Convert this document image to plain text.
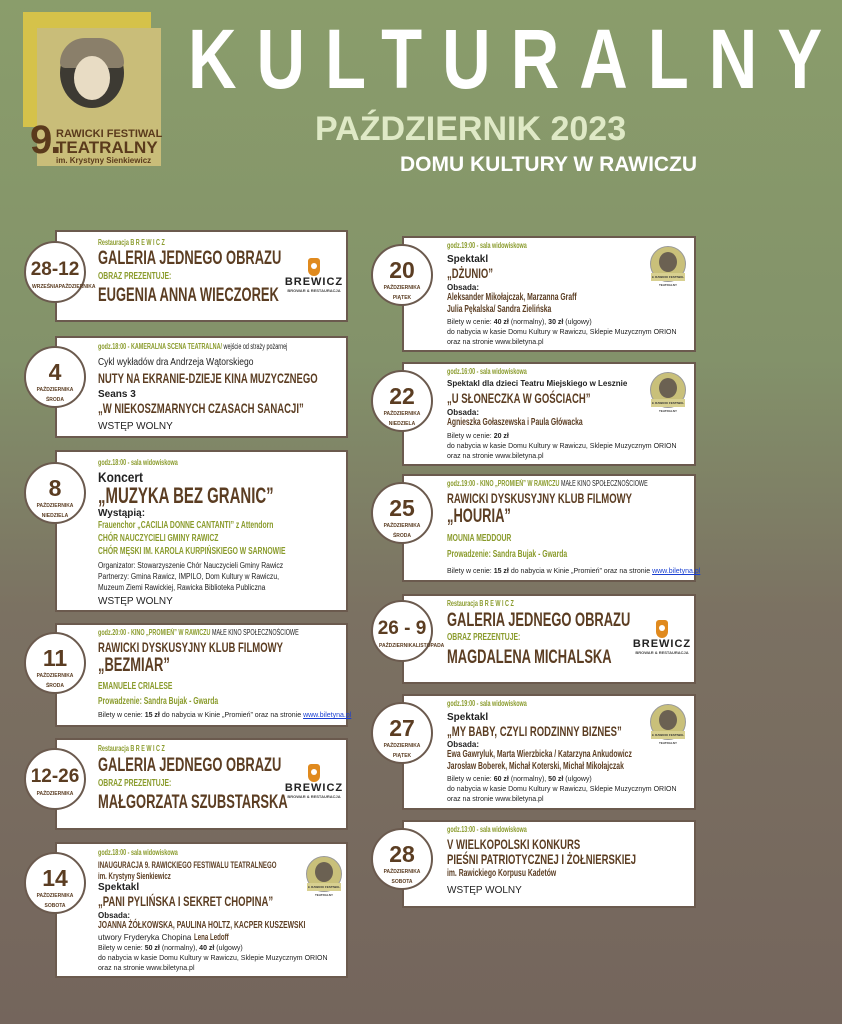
9.
RAWICKI FESTIWAL
TEATRALNY
im. Krystyny Sienkiewicz
KULTURALNY
PAŹDZIERNIK 2023
DOMU KULTURY W RAWICZU
28-12
WRZEŚNIA PAŹDZIERNIKA
Restauracja B R E W I C Z
GALERIA JEDNEGO OBRAZU
OBRAZ PREZENTUJE:
EUGENIA ANNA WIECZOREK
BREWICZ
BROWAR & RESTAURACJA
4
PAŹDZIERNIKA
ŚRODA
godz.18:00 - KAMERALNA SCENA TEATRALNA/ wejście od straży pożarnej
Cykl wykładów dra Andrzeja Wątorskiego
NUTY NA EKRANIE-DZIEJE KINA MUZYCZNEGO
Seans 3
„W NIEKOSZMARNYCH CZASACH SANACJI”
WSTĘP WOLNY
8
PAŹDZIERNIKA
NIEDZIELA
godz.18:00 - sala widowiskowa
Koncert
„MUZYKA BEZ GRANIC”
Wystąpią:
Frauenchor „CACILIA DONNE CANTANTI” z Attendorn
CHÓR NAUCZYCIELI GMINY RAWICZ
CHÓR MĘSKI IM. KAROLA KURPIŃSKIEGO W SARNOWIE
Organizator: Stowarzyszenie Chór Nauczycieli Gminy Rawicz
Partnerzy: Gmina Rawicz, IMPILO, Dom Kultury w Rawiczu,
Muzeum Ziemi Rawickiej, Rawicka Biblioteka Publiczna
WSTĘP WOLNY
11
PAŹDZIERNIKA
ŚRODA
godz.20:00 - KINO „PROMIEŃ” W RAWICZU MAŁE KINO SPOŁECZNOŚCIOWE
RAWICKI DYSKUSYJNY KLUB FILMOWY
„BEZMIAR”
EMANUELE CRIALESE
Prowadzenie: Sandra Bujak - Gwarda
Bilety w cenie: 15 zł do nabycia w Kinie „Promień” oraz na stronie www.biletyna.pl
12-26
PAŹDZIERNIKA
Restauracja B R E W I C Z
GALERIA JEDNEGO OBRAZU
OBRAZ PREZENTUJE:
MAŁGORZATA SZUBSTARSKA
BREWICZ
BROWAR & RESTAURACJA
14
PAŹDZIERNIKA
SOBOTA
godz.18:00 - sala widowiskowa
INAUGURACJA 9. RAWICKIEGO FESTIWALU TEATRALNEGO
im. Krystyny Sienkiewicz
Spektakl
„PANI PYLIŃSKA I SEKRET CHOPINA”
Obsada:
JOANNA ŻÓŁKOWSKA, PAULINA HOLTZ, KACPER KUSZEWSKI
utwory Fryderyka Chopina Lena Ledoff
Bilety w cenie: 50 zł (normalny), 40 zł (ulgowy)
do nabycia w kasie Domu Kultury w Rawiczu, Sklepie Muzycznym ORION
oraz na stronie www.biletyna.pl
9. RAWICKI FESTIWAL TEATRALNY
20
PAŹDZIERNIKA
PIĄTEK
godz.19:00 - sala widowiskowa
Spektakl
„DŻUNIO”
Obsada:
Aleksander Mikołajczak, Marzanna Graff
Julia Pękalska/ Sandra Zielińska
Bilety w cenie: 40 zł (normalny), 30 zł (ulgowy)
do nabycia w kasie Domu Kultury w Rawiczu, Sklepie Muzycznym ORION
oraz na stronie www.biletyna.pl
9. RAWICKI FESTIWAL TEATRALNY
22
PAŹDZIERNIKA
NIEDZIELA
godz.16:00 - sala widowiskowa
Spektakl dla dzieci Teatru Miejskiego w Lesznie
„U SŁONECZKA W GOŚCIACH”
Obsada:
Agnieszka Gołaszewska i Paula Główacka
Bilety w cenie: 20 zł
do nabycia w kasie Domu Kultury w Rawiczu, Sklepie Muzycznym ORION
oraz na stronie www.biletyna.pl
9. RAWICKI FESTIWAL TEATRALNY
25
PAŹDZIERNIKA
ŚRODA
godz.19:00 - KINO „PROMIEŃ” W RAWICZU MAŁE KINO SPOŁECZNOŚCIOWE
RAWICKI DYSKUSYJNY KLUB FILMOWY
„HOURIA”
MOUNIA MEDDOUR
Prowadzenie: Sandra Bujak - Gwarda
Bilety w cenie: 15 zł do nabycia w Kinie „Promień” oraz na stronie www.biletyna.pl
26 - 9
PAŹDZIERNIKA LISTOPADA
Restauracja B R E W I C Z
GALERIA JEDNEGO OBRAZU
OBRAZ PREZENTUJE:
MAGDALENA MICHALSKA
BREWICZ
BROWAR & RESTAURACJA
27
PAŹDZIERNIKA
PIĄTEK
godz.19:00 - sala widowiskowa
Spektakl
„MY BABY, CZYLI RODZINNY BIZNES”
Obsada:
Ewa Gawryluk, Marta Wierzbicka / Katarzyna Ankudowicz
Jarosław Boberek, Michał Koterski, Michał Mikołajczak
Bilety w cenie: 60 zł (normalny), 50 zł (ulgowy)
do nabycia w kasie Domu Kultury w Rawiczu, Sklepie Muzycznym ORION
oraz na stronie www.biletyna.pl
9. RAWICKI FESTIWAL TEATRALNY
28
PAŹDZIERNIKA
SOBOTA
godz.13:00 - sala widowiskowa
V WIELKOPOLSKI KONKURS
PIEŚNI PATRIOTYCZNEJ I ŻOŁNIERSKIEJ
im. Rawickiego Korpusu Kadetów
WSTĘP WOLNY
